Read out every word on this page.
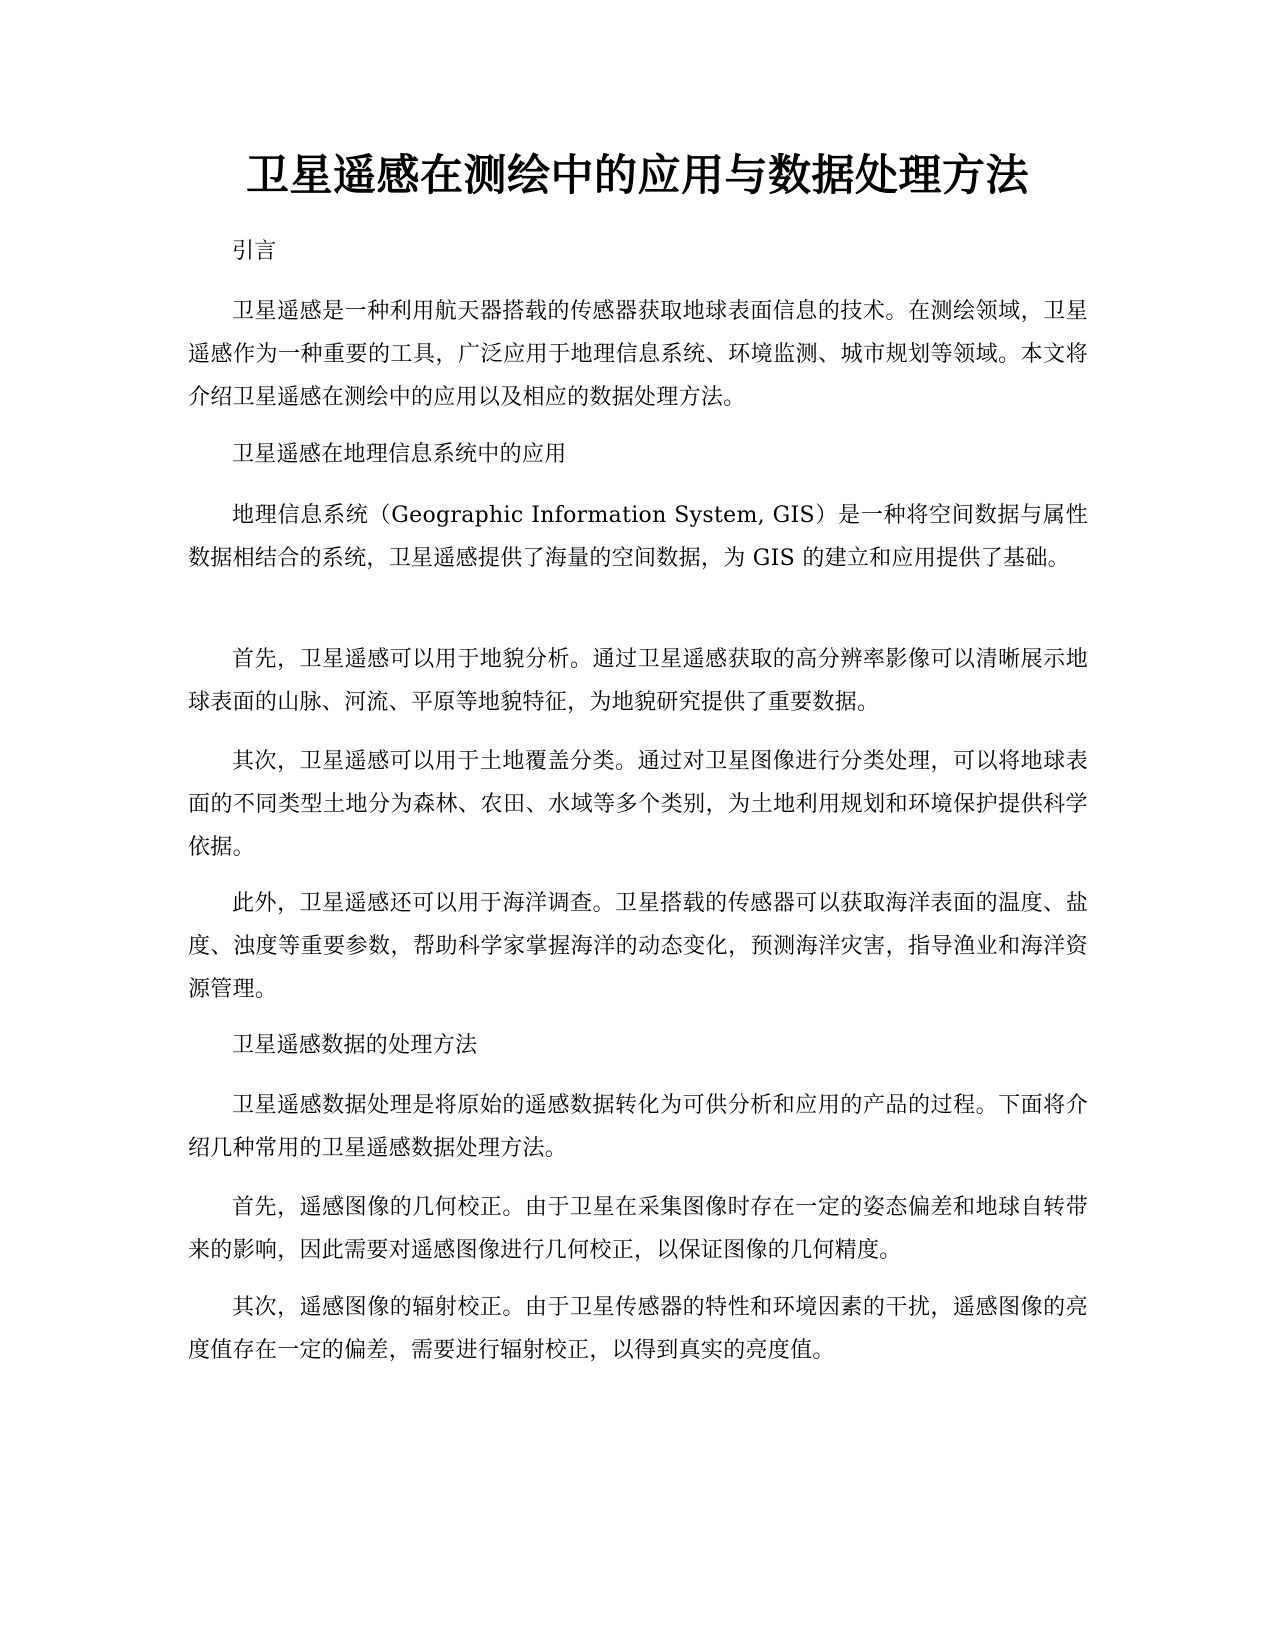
卫星遥感在测绘中的应用与数据处理方法

引言

卫星遥感是一种利用航天器搭载的传感器获取地球表面信息的技术。在测绘领域，卫星遥感作为一种重要的工具，广泛应用于地理信息系统、环境监测、城市规划等领域。本文将介绍卫星遥感在测绘中的应用以及相应的数据处理方法。

卫星遥感在地理信息系统中的应用

地理信息系统（Geographic Information System, GIS）是一种将空间数据与属性数据相结合的系统，卫星遥感提供了海量的空间数据，为 GIS 的建立和应用提供了基础。

首先，卫星遥感可以用于地貌分析。通过卫星遥感获取的高分辨率影像可以清晰展示地球表面的山脉、河流、平原等地貌特征，为地貌研究提供了重要数据。

其次，卫星遥感可以用于土地覆盖分类。通过对卫星图像进行分类处理，可以将地球表面的不同类型土地分为森林、农田、水域等多个类别，为土地利用规划和环境保护提供科学依据。

此外，卫星遥感还可以用于海洋调查。卫星搭载的传感器可以获取海洋表面的温度、盐度、浊度等重要参数，帮助科学家掌握海洋的动态变化，预测海洋灾害，指导渔业和海洋资源管理。

卫星遥感数据的处理方法

卫星遥感数据处理是将原始的遥感数据转化为可供分析和应用的产品的过程。下面将介绍几种常用的卫星遥感数据处理方法。

首先，遥感图像的几何校正。由于卫星在采集图像时存在一定的姿态偏差和地球自转带来的影响，因此需要对遥感图像进行几何校正，以保证图像的几何精度。

其次，遥感图像的辐射校正。由于卫星传感器的特性和环境因素的干扰，遥感图像的亮度值存在一定的偏差，需要进行辐射校正，以得到真实的亮度值。
